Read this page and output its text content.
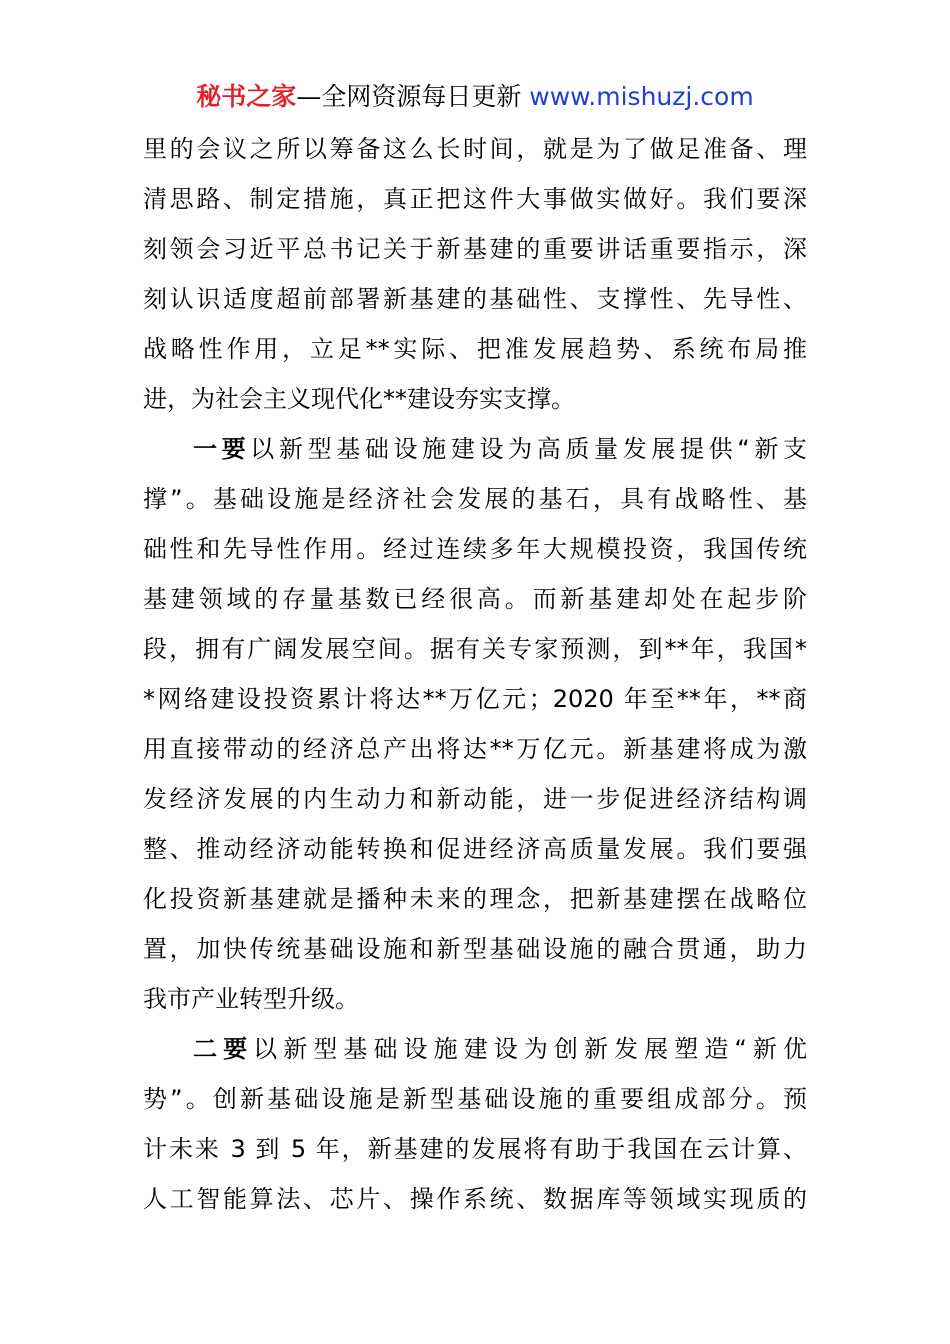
秘书之家—全网资源每日更新 www.mishuzj.com
里的会议之所以筹备这么长时间，就是为了做足准备、理
清思路、制定措施，真正把这件大事做实做好。我们要深
刻领会习近平总书记关于新基建的重要讲话重要指示，深
刻认识适度超前部署新基建的基础性、支撑性、先导性、
战略性作用，立足**实际、把准发展趋势、系统布局推
进，为社会主义现代化**建设夯实支撑。
一要以新型基础设施建设为高质量发展提供“新支
撑”。基础设施是经济社会发展的基石，具有战略性、基
础性和先导性作用。经过连续多年大规模投资，我国传统
基建领域的存量基数已经很高。而新基建却处在起步阶
段，拥有广阔发展空间。据有关专家预测，到**年，我国*
*网络建设投资累计将达**万亿元；2020 年至**年，**商
用直接带动的经济总产出将达**万亿元。新基建将成为激
发经济发展的内生动力和新动能，进一步促进经济结构调
整、推动经济动能转换和促进经济高质量发展。我们要强
化投资新基建就是播种未来的理念，把新基建摆在战略位
置，加快传统基础设施和新型基础设施的融合贯通，助力
我市产业转型升级。
二要以新型基础设施建设为创新发展塑造“新优
势”。创新基础设施是新型基础设施的重要组成部分。预
计未来 3 到 5 年，新基建的发展将有助于我国在云计算、
人工智能算法、芯片、操作系统、数据库等领域实现质的
